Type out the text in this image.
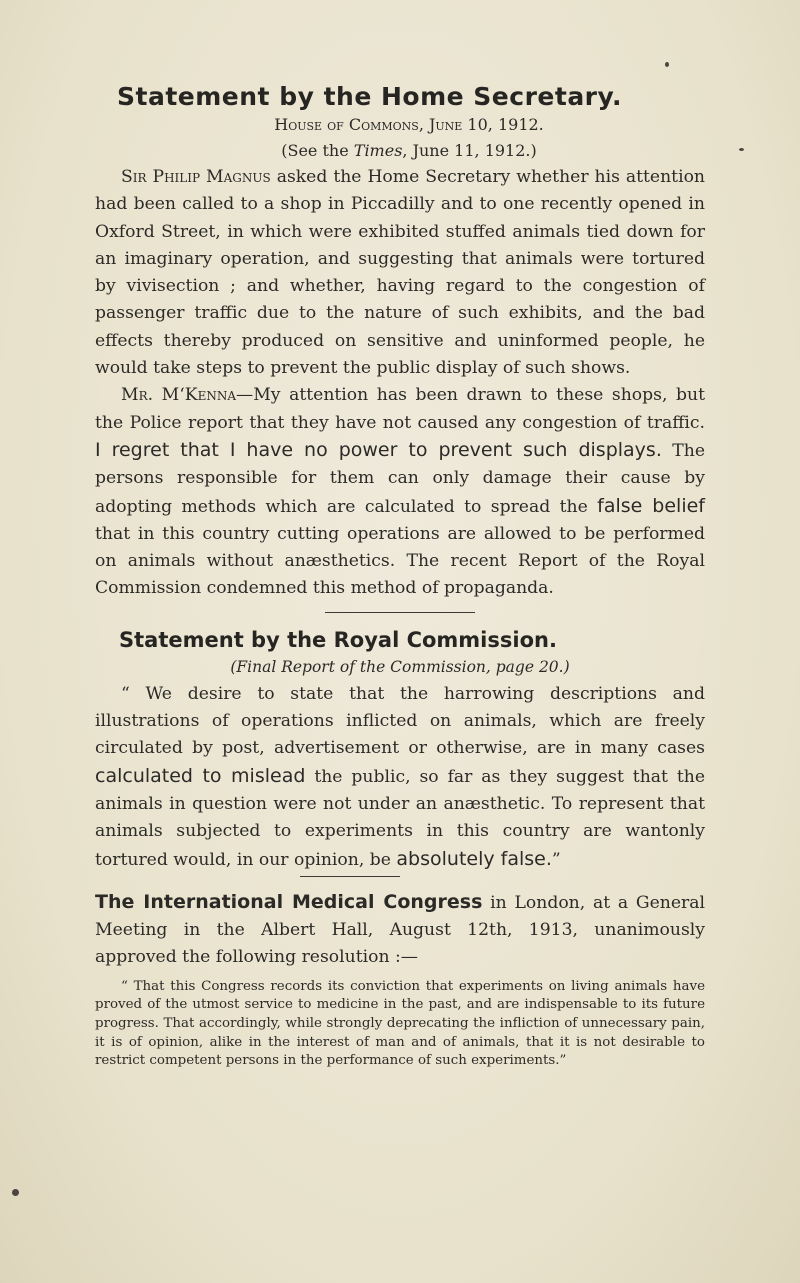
Statement by the Home Secretary.

House of Commons, June 10, 1912.

(See the Times, June 11, 1912.)

Sir Philip Magnus asked the Home Secretary whether his attention had been called to a shop in Piccadilly and to one recently opened in Oxford Street, in which were exhibited stuffed animals tied down for an imaginary operation, and suggesting that animals were tortured by vivisection ; and whether, having regard to the congestion of passenger traffic due to the nature of such exhibits, and the bad effects thereby produced on sensitive and uninformed people, he would take steps to prevent the public display of such shows.

Mr. M‘Kenna—My attention has been drawn to these shops, but the Police report that they have not caused any congestion of traffic. I regret that I have no power to prevent such displays. The persons responsible for them can only damage their cause by adopting methods which are calculated to spread the false belief that in this country cutting operations are allowed to be performed on animals without anæsthetics. The recent Report of the Royal Commission condemned this method of propaganda.

Statement by the Royal Commission.

(Final Report of the Commission, page 20.)

“ We desire to state that the harrowing descriptions and illustrations of operations inflicted on animals, which are freely circulated by post, advertisement or otherwise, are in many cases calculated to mislead the public, so far as they suggest that the animals in question were not under an anæsthetic. To represent that animals subjected to experiments in this country are wantonly tortured would, in our opinion, be absolutely false.”

The International Medical Congress in London, at a General Meeting in the Albert Hall, August 12th, 1913, unanimously approved the following resolution :—

“ That this Congress records its conviction that experiments on living animals have proved of the utmost service to medicine in the past, and are indispensable to its future progress. That accordingly, while strongly deprecating the infliction of unnecessary pain, it is of opinion, alike in the interest of man and of animals, that it is not desirable to restrict competent persons in the performance of such experiments.”
